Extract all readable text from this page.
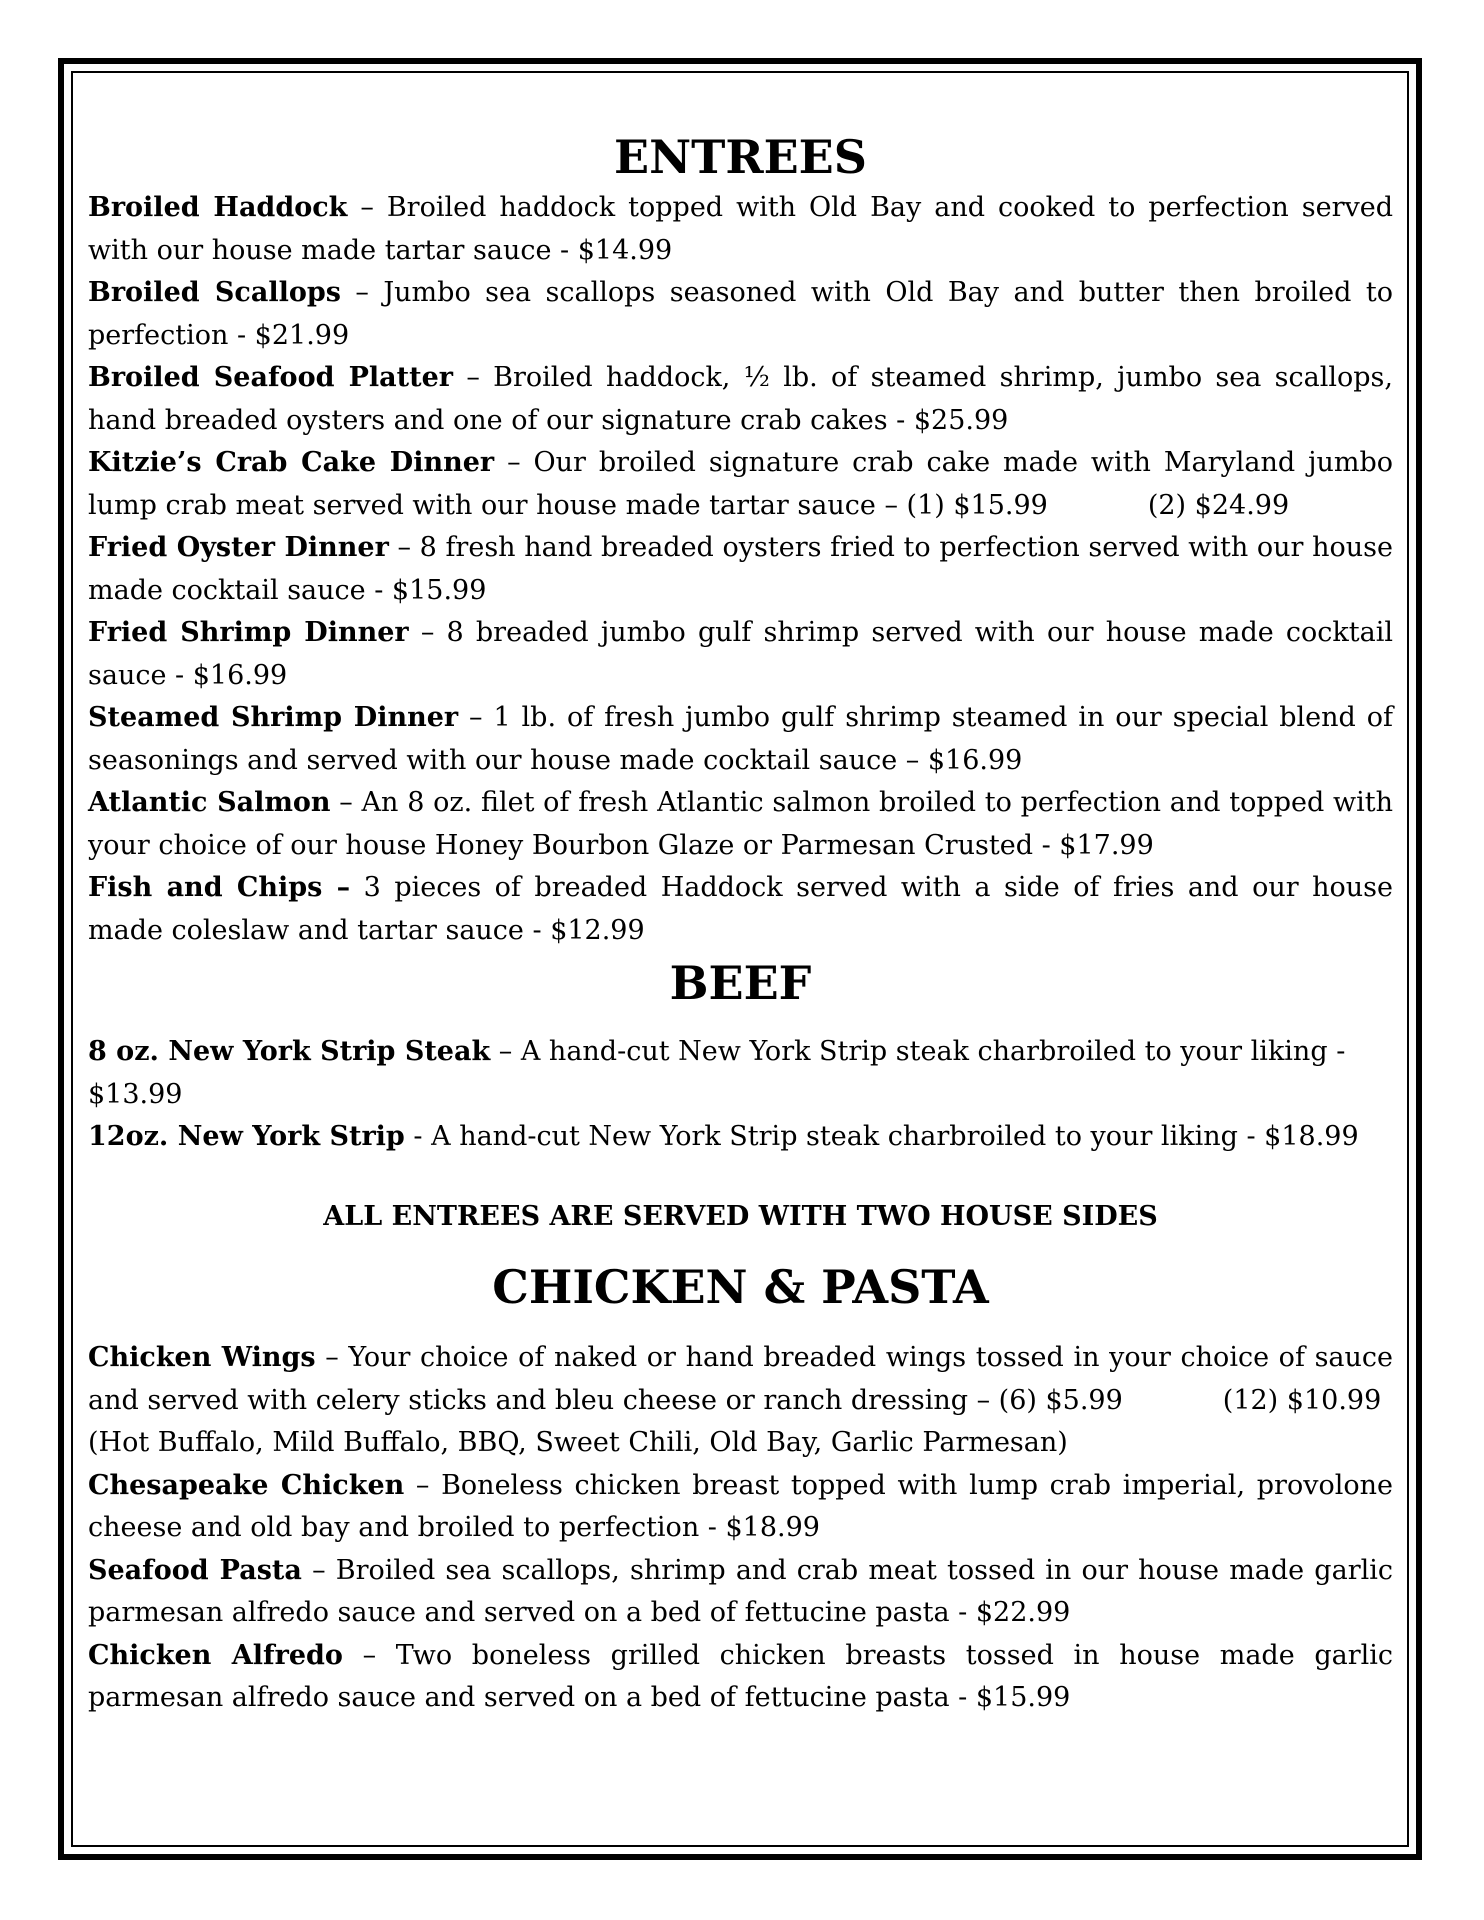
ENTREES

Broiled Haddock – Broiled haddock topped with Old Bay and cooked to perfection served with our house made tartar sauce - $14.99

Broiled Scallops – Jumbo sea scallops seasoned with Old Bay and butter then broiled to perfection - $21.99

Broiled Seafood Platter – Broiled haddock, ½ lb. of steamed shrimp, jumbo sea scallops, hand breaded oysters and one of our signature crab cakes - $25.99

Kitzie’s Crab Cake Dinner – Our broiled signature crab cake made with Maryland jumbo lump crab meat served with our house made tartar sauce – (1) $15.99	(2) $24.99

Fried Oyster Dinner – 8 fresh hand breaded oysters fried to perfection served with our house made cocktail sauce - $15.99

Fried Shrimp Dinner – 8 breaded jumbo gulf shrimp served with our house made cocktail sauce - $16.99

Steamed Shrimp Dinner – 1 lb. of fresh jumbo gulf shrimp steamed in our special blend of seasonings and served with our house made cocktail sauce – $16.99

Atlantic Salmon – An 8 oz. filet of fresh Atlantic salmon broiled to perfection and topped with your choice of our house Honey Bourbon Glaze or Parmesan Crusted - $17.99

Fish and Chips – 3 pieces of breaded Haddock served with a side of fries and our house made coleslaw and tartar sauce - $12.99

BEEF

8 oz. New York Strip Steak – A hand-cut New York Strip steak charbroiled to your liking - $13.99

12oz. New York Strip - A hand-cut New York Strip steak charbroiled to your liking - $18.99

ALL ENTREES ARE SERVED WITH TWO HOUSE SIDES
CHICKEN & PASTA

Chicken Wings – Your choice of naked or hand breaded wings tossed in your choice of sauce and served with celery sticks and bleu cheese or ranch dressing – (6) $5.99	(12) $10.99

(Hot Buffalo, Mild Buffalo, BBQ, Sweet Chili, Old Bay, Garlic Parmesan)

Chesapeake Chicken – Boneless chicken breast topped with lump crab imperial, provolone cheese and old bay and broiled to perfection - $18.99

Seafood Pasta – Broiled sea scallops, shrimp and crab meat tossed in our house made garlic parmesan alfredo sauce and served on a bed of fettucine pasta - $22.99

Chicken Alfredo – Two boneless grilled chicken breasts tossed in house made garlic parmesan alfredo sauce and served on a bed of fettucine pasta - $15.99
